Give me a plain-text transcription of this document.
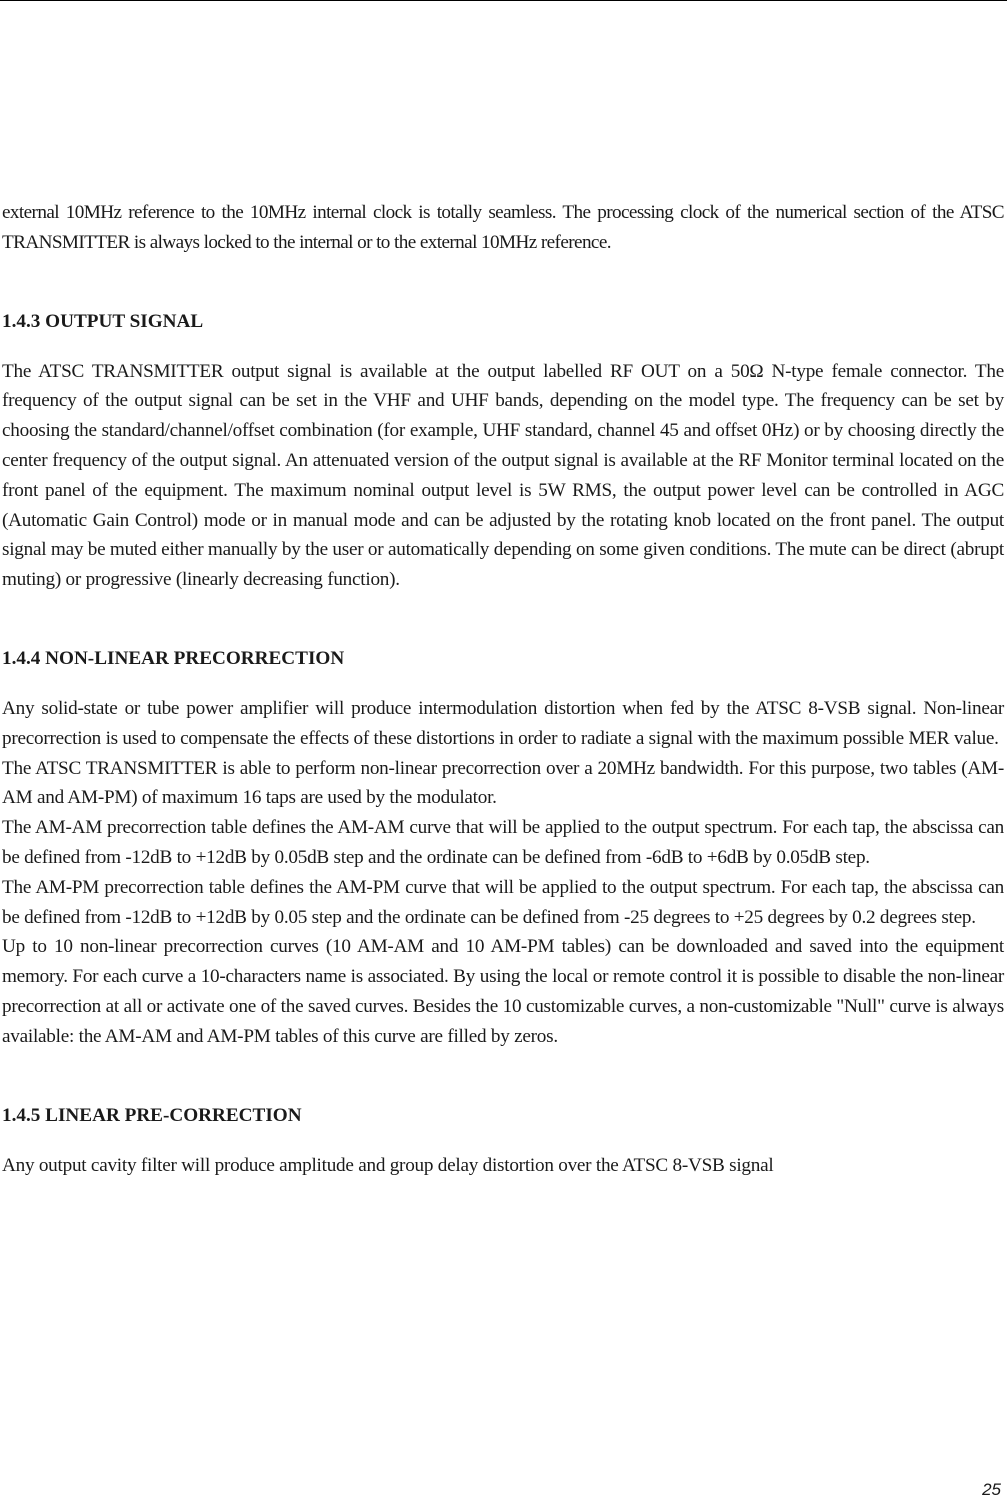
external 10MHz reference to the 10MHz internal clock is totally seamless. The processing clock of the numerical section of the ATSC TRANSMITTER is always locked to the internal or to the external 10MHz reference.

1.4.3 OUTPUT SIGNAL

The ATSC TRANSMITTER output signal is available at the output labelled RF OUT on a 50Ω N-type female connector. The frequency of the output signal can be set in the VHF and UHF bands, depending on the model type. The frequency can be set by choosing the standard/channel/offset combination (for example, UHF standard, channel 45 and offset 0Hz) or by choosing directly the center frequency of the output signal. An attenuated version of the output signal is available at the RF Monitor terminal located on the front panel of the equipment. The maximum nominal output level is 5W RMS, the output power level can be controlled in AGC (Automatic Gain Control) mode or in manual mode and can be adjusted by the rotating knob located on the front panel. The output signal may be muted either manually by the user or automatically depending on some given conditions. The mute can be direct (abrupt muting) or progressive (linearly decreasing function).

1.4.4 NON-LINEAR PRECORRECTION

Any solid-state or tube power amplifier will produce intermodulation distortion when fed by the ATSC 8-VSB signal. Non-linear precorrection is used to compensate the effects of these distortions in order to radiate a signal with the maximum possible MER value.

The ATSC TRANSMITTER is able to perform non-linear precorrection over a 20MHz bandwidth. For this purpose, two tables (AM-AM and AM-PM) of maximum 16 taps are used by the modulator.

The AM-AM precorrection table defines the AM-AM curve that will be applied to the output spectrum. For each tap, the abscissa can be defined from -12dB to +12dB by 0.05dB step and the ordinate can be defined from -6dB to +6dB by 0.05dB step.

The AM-PM precorrection table defines the AM-PM curve that will be applied to the output spectrum. For each tap, the abscissa can be defined from -12dB to +12dB by 0.05 step and the ordinate can be defined from -25 degrees to +25 degrees by 0.2 degrees step.

Up to 10 non-linear precorrection curves (10 AM-AM and 10 AM-PM tables) can be downloaded and saved into the equipment memory. For each curve a 10-characters name is associated. By using the local or remote control it is possible to disable the non-linear precorrection at all or activate one of the saved curves. Besides the 10 customizable curves, a non-customizable "Null" curve is always available: the AM-AM and AM-PM tables of this curve are filled by zeros.

1.4.5 LINEAR PRE-CORRECTION

Any output cavity filter will produce amplitude and group delay distortion over the ATSC 8-VSB signal

25
